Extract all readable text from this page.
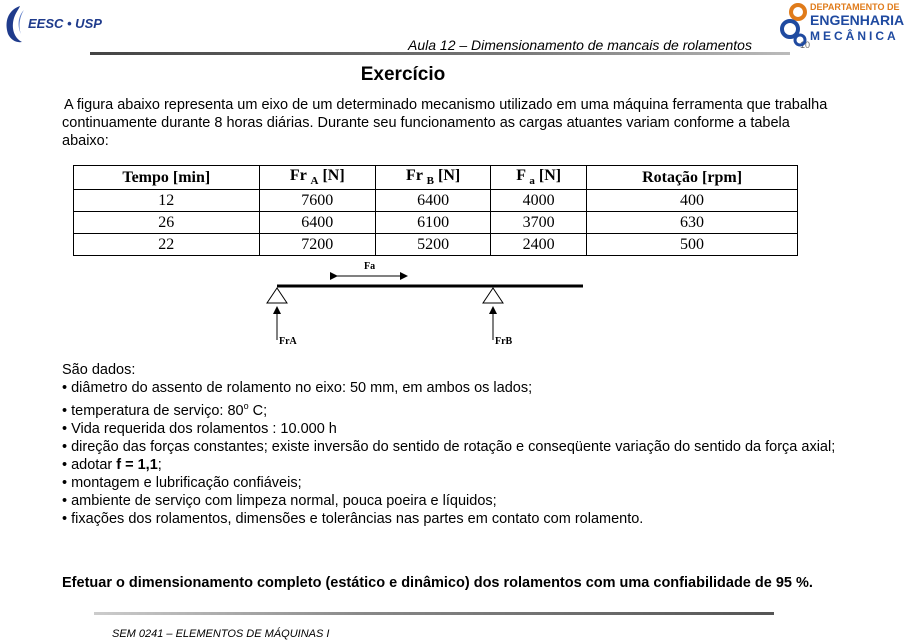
EESC • USP
Aula 12 – Dimensionamento de mancais de rolamentos	10
DEPARTAMENTO DE
ENGENHARIA
MECÂNICA
Exercício
A figura abaixo representa um eixo de um determinado mecanismo utilizado em uma máquina ferramenta que trabalha continuamente durante 8 horas diárias. Durante seu funcionamento as cargas atuantes variam conforme a tabela abaixo:
Tempo [min]	Fr $_A$ [N]	Fr $_B$ [N]	F $_a$ [N]	Rotação [rpm]
12	7600	6400	4000	400
26	6400	6100	3700	630
22	7200	5200	2400	500
Fa
FrA	FrB
São dados:
• diâmetro do assento de rolamento no eixo: 50 mm, em ambos os lados;
• temperatura de serviço: 80$^o$ C;
• Vida requerida dos rolamentos : 10.000 h
• direção das forças constantes; existe inversão do sentido de rotação e conseqüente variação do sentido da força axial;
• adotar f = 1,1;
• montagem e lubrificação confiáveis;
• ambiente de serviço com limpeza normal, pouca poeira e líquidos;
• fixações dos rolamentos, dimensões e tolerâncias nas partes em contato com rolamento.
Efetuar o dimensionamento completo (estático e dinâmico) dos rolamentos com uma confiabilidade de 95 %.
SEM 0241 – ELEMENTOS DE MÁQUINAS I
